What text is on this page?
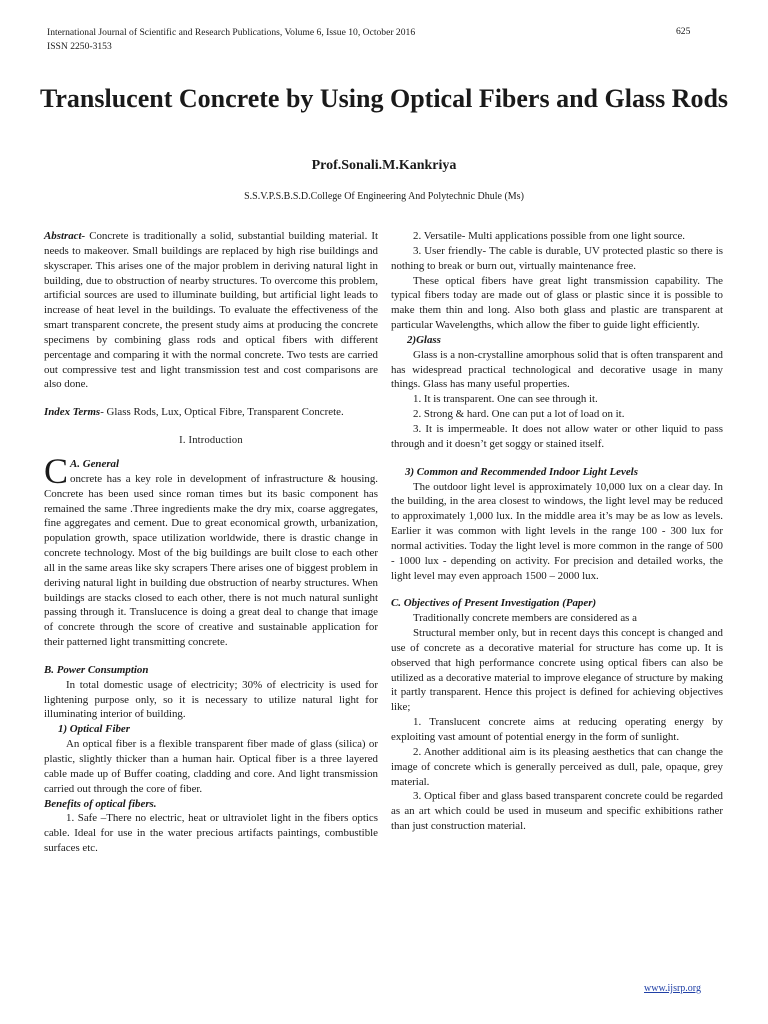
International Journal of Scientific and Research Publications, Volume 6, Issue 10, October 2016
ISSN 2250-3153
625
Translucent Concrete by Using Optical Fibers and Glass Rods
Prof.Sonali.M.Kankriya
S.S.V.P.S.B.S.D.College Of Engineering And Polytechnic Dhule (Ms)

Abstract- Concrete is traditionally a solid, substantial building material. It needs to makeover. Small buildings are replaced by high rise buildings and skyscraper. This arises one of the major problem in deriving natural light in building, due to obstruction of nearby structures. To overcome this problem, artificial sources are used to illuminate building, but artificial light leads to increase of heat level in the buildings. To evaluate the effectiveness of the smart transparent concrete, the present study aims at producing the concrete specimens by combining glass rods and optical fibers with different percentage and comparing it with the normal concrete. Two tests are carried out compressive test and light transmission test and cost comparisons are also done.

Index Terms- Glass Rods, Lux, Optical Fibre, Transparent Concrete.

I. Introduction

C A. General
oncrete has a key role in development of infrastructure & housing. Concrete has been used since roman times but its basic component has remained the same .Three ingredients make the dry mix, coarse aggregates, fine aggregates and cement. Due to great economical growth, urbanization, population growth, space utilization worldwide, there is drastic change in concrete technology. Most of the big buildings are built close to each other all in the same areas like sky scrapers There arises one of biggest problem in deriving natural light in building due obstruction of nearby structures. When buildings are stacks closed to each other, there is not much natural sunlight passing through it. Translucence is doing a great deal to change that image of concrete through the score of creative and sustainable application for their patterned light transmitting concrete.

B. Power Consumption

In total domestic usage of electricity; 30% of electricity is used for lightening purpose only, so it is necessary to utilize natural light for illuminating interior of building.

1) Optical Fiber

An optical fiber is a flexible transparent fiber made of glass (silica) or plastic, slightly thicker than a human hair. Optical fiber is a three layered cable made up of Buffer coating, cladding and core. And light transmission carried out through the core of fiber.

Benefits of optical fibers.

1. Safe –There no electric, heat or ultraviolet light in the fibers optics cable. Ideal for use in the water precious artifacts paintings, combustible surfaces etc.

2. Versatile- Multi applications possible from one light source.

3. User friendly- The cable is durable, UV protected plastic so there is nothing to break or burn out, virtually maintenance free.

These optical fibers have great light transmission capability. The typical fibers today are made out of glass or plastic since it is possible to make them thin and long. Also both glass and plastic are transparent at particular Wavelengths, which allow the fiber to guide light efficiently.

2)Glass

Glass is a non-crystalline amorphous solid that is often transparent and has widespread practical technological and decorative usage in many things. Glass has many useful properties.

1. It is transparent. One can see through it.

2. Strong & hard. One can put a lot of load on it.

3. It is impermeable. It does not allow water or other liquid to pass through and it doesn’t get soggy or stained itself.

3) Common and Recommended Indoor Light Levels

The outdoor light level is approximately 10,000 lux on a clear day. In the building, in the area closest to windows, the light level may be reduced to approximately 1,000 lux. In the middle area it’s may be as low as levels. Earlier it was common with light levels in the range 100 - 300 lux for normal activities. Today the light level is more common in the range of 500 - 1000 lux - depending on activity. For precision and detailed works, the light level may even approach 1500 – 2000 lux.

C. Objectives of Present Investigation (Paper)

Traditionally concrete members are considered as a

Structural member only, but in recent days this concept is changed and use of concrete as a decorative material for structure has come up. It is observed that high performance concrete using optical fibers can also be utilized as a decorative material to improve elegance of structure by making it partly transparent. Hence this project is defined for achieving objectives like;

1. Translucent concrete aims at reducing operating energy by exploiting vast amount of potential energy in the form of sunlight.

2. Another additional aim is its pleasing aesthetics that can change the image of concrete which is generally perceived as dull, pale, opaque, grey material.

3. Optical fiber and glass based transparent concrete could be regarded as an art which could be used in museum and specific exhibitions rather than just construction material.

www.ijsrp.org
